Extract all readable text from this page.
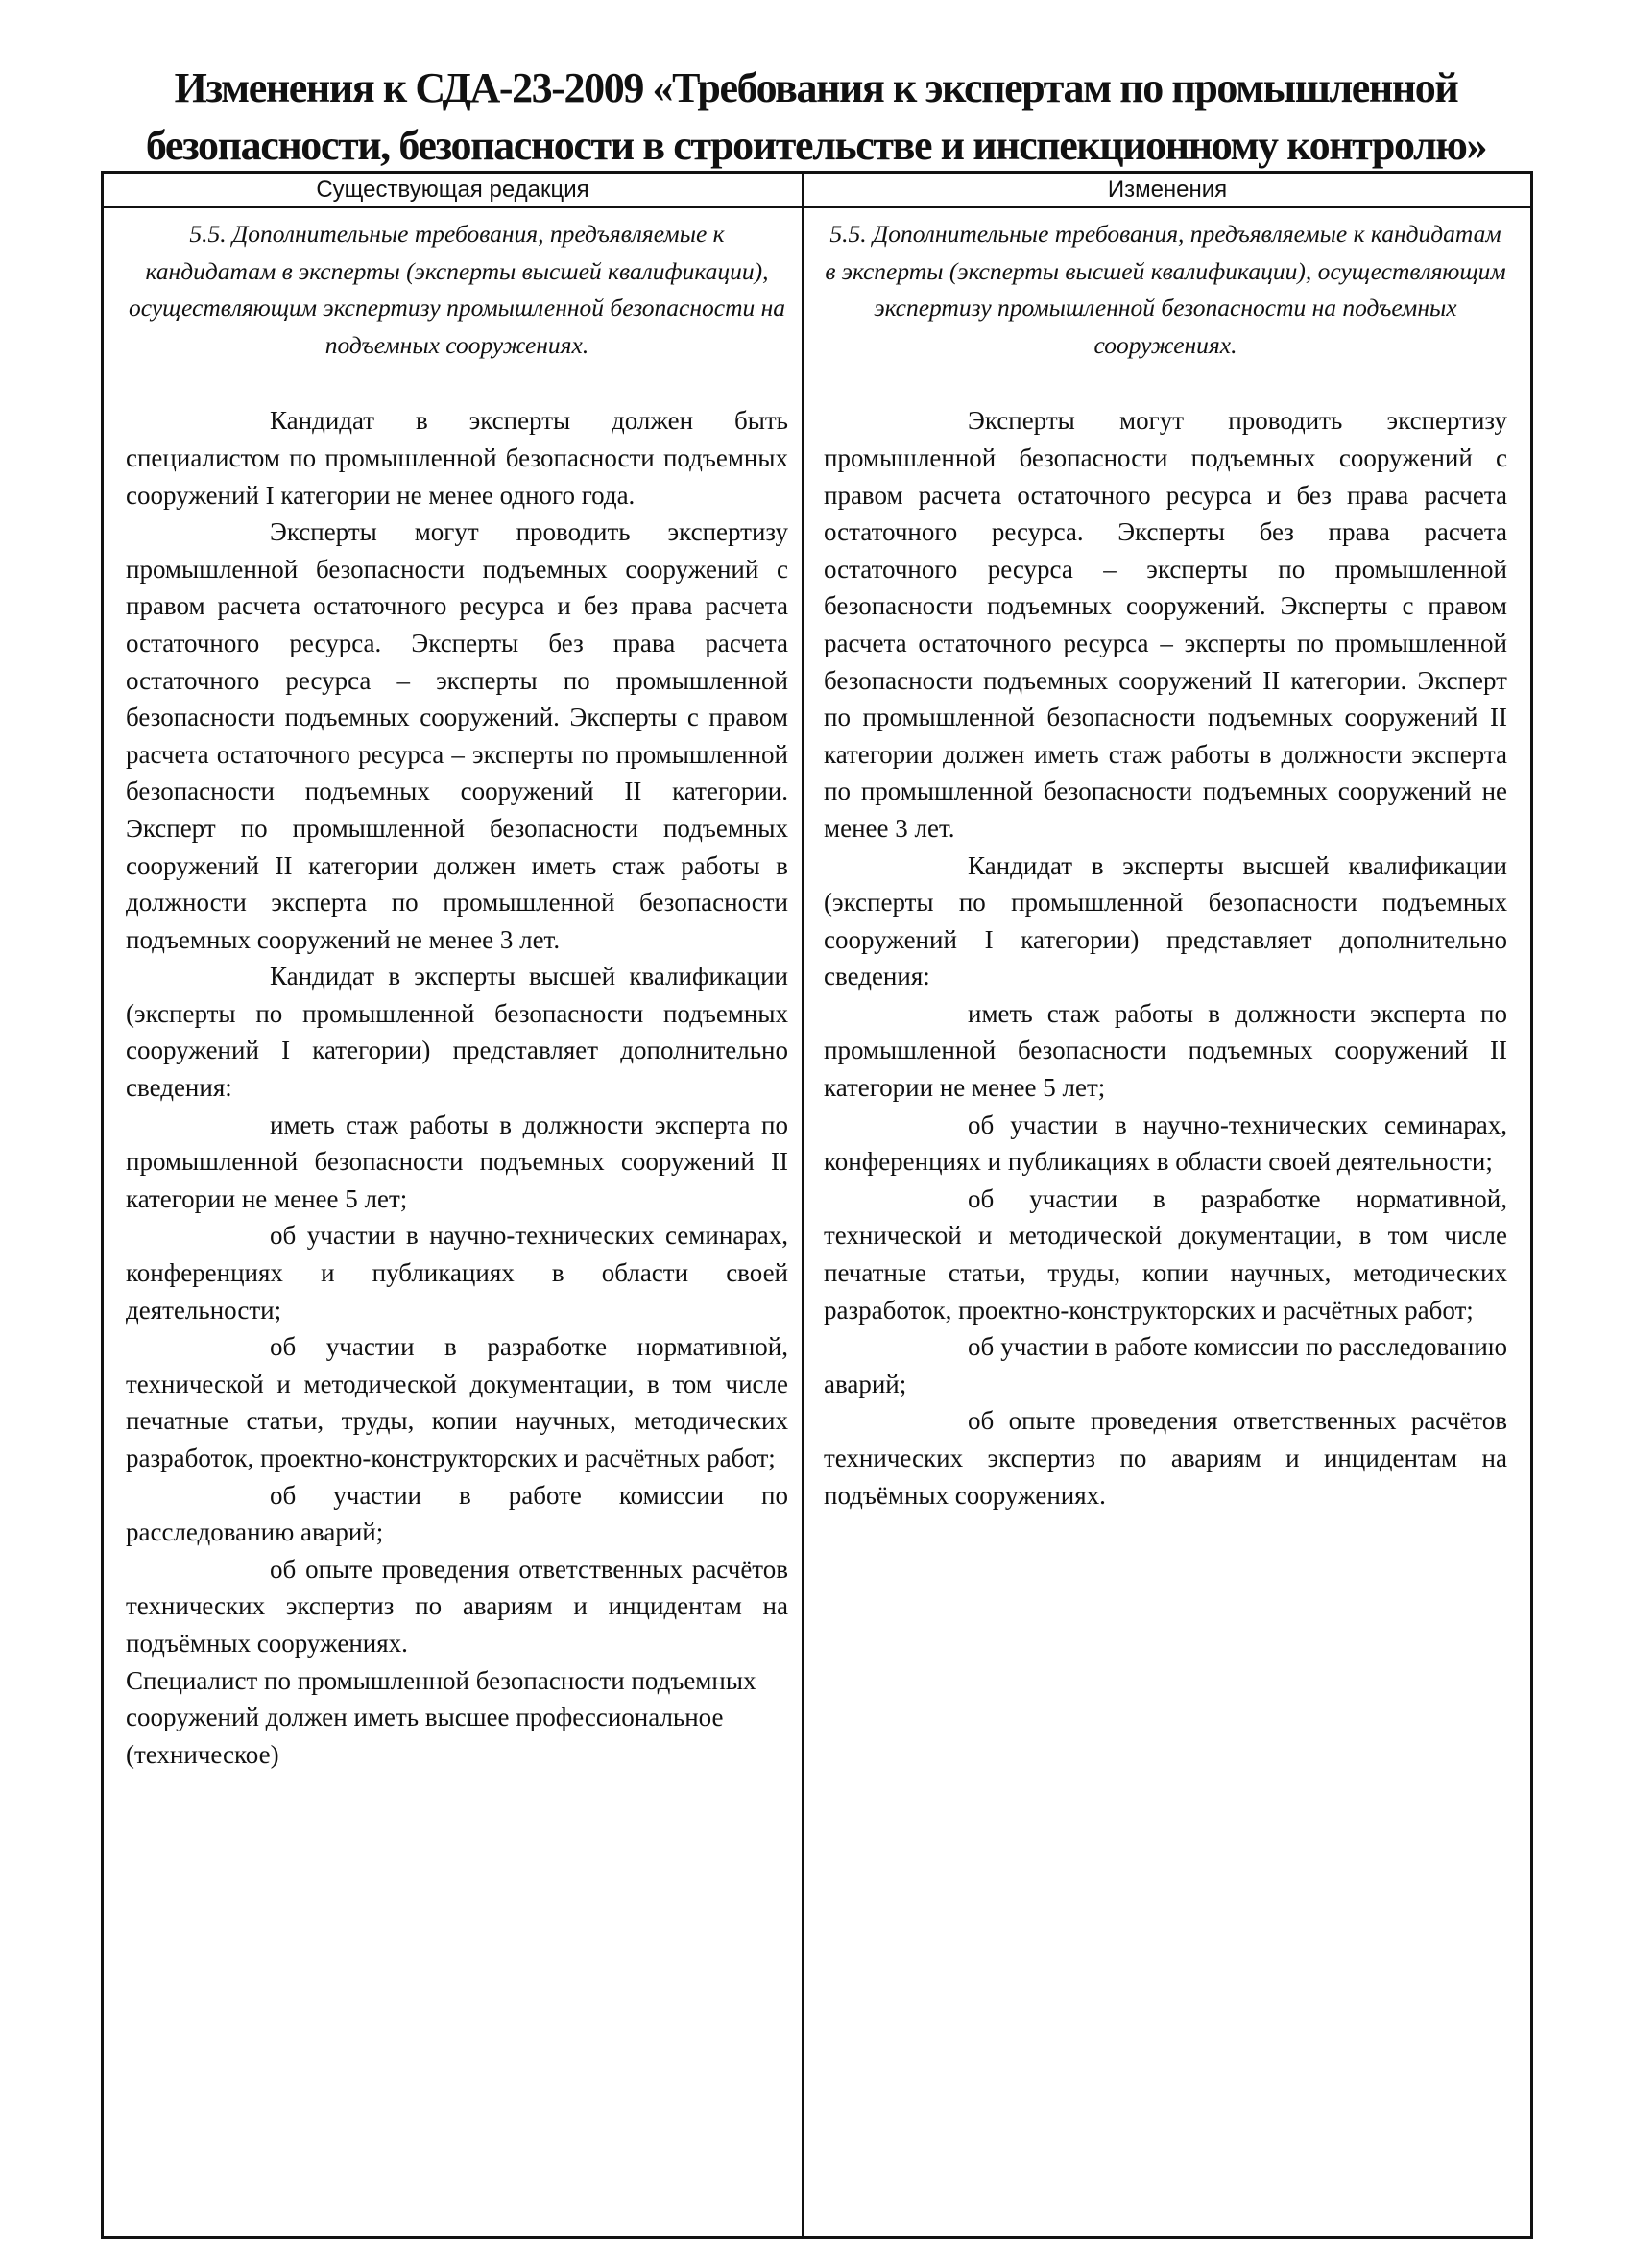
Изменения к СДА-23-2009 «Требования к экспертам по промышленной
безопасности, безопасности в строительстве и инспекционному контролю»
Существующая редакция	Изменения

5.5. Дополнительные требования, предъявляемые к кандидатам в эксперты (эксперты высшей квалификации), осуществляющим экспертизу промышленной безопасности на подъемных сооружениях.

Кандидат в эксперты должен быть специалистом по промышленной безопасности подъемных сооружений I категории не менее одного года.

Эксперты могут проводить экспертизу промышленной безопасности подъемных сооружений с правом расчета остаточного ресурса и без права расчета остаточного ресурса. Эксперты без права расчета остаточного ресурса – эксперты по промышленной безопасности подъемных сооружений. Эксперты с правом расчета остаточного ресурса – эксперты по промышленной безопасности подъемных сооружений II категории. Эксперт по промышленной безопасности подъемных сооружений II категории должен иметь стаж работы в должности эксперта по промышленной безопасности подъемных сооружений не менее 3 лет.

Кандидат в эксперты высшей квалификации (эксперты по промышленной безопасности подъемных сооружений I категории) представляет дополнительно сведения:

иметь стаж работы в должности эксперта по промышленной безопасности подъемных сооружений II категории не менее 5 лет;

об участии в научно-технических семинарах, конференциях и публикациях в области своей деятельности;

об участии в разработке нормативной, технической и методической документации, в том числе печатные статьи, труды, копии научных, методических разработок, проектно-конструкторских и расчётных работ;

об участии в работе комиссии по расследованию аварий;

об опыте проведения ответственных расчётов технических экспертиз по авариям и инцидентам на подъёмных сооружениях.

Специалист по промышленной безопасности подъемных сооружений должен иметь высшее профессиональное (техническое)

5.5. Дополнительные требования, предъявляемые к кандидатам в эксперты (эксперты высшей квалификации), осуществляющим экспертизу промышленной безопасности на подъемных сооружениях.

Эксперты могут проводить экспертизу промышленной безопасности подъемных сооружений с правом расчета остаточного ресурса и без права расчета остаточного ресурса. Эксперты без права расчета остаточного ресурса – эксперты по промышленной безопасности подъемных сооружений. Эксперты с правом расчета остаточного ресурса – эксперты по промышленной безопасности подъемных сооружений II категории. Эксперт по промышленной безопасности подъемных сооружений II категории должен иметь стаж работы в должности эксперта по промышленной безопасности подъемных сооружений не менее 3 лет.

Кандидат в эксперты высшей квалификации (эксперты по промышленной безопасности подъемных сооружений I категории) представляет дополнительно сведения:

иметь стаж работы в должности эксперта по промышленной безопасности подъемных сооружений II категории не менее 5 лет;

об участии в научно-технических семинарах, конференциях и публикациях в области своей деятельности;

об участии в разработке нормативной, технической и методической документации, в том числе печатные статьи, труды, копии научных, методических разработок, проектно-конструкторских и расчётных работ;

об участии в работе комиссии по расследованию аварий;

об опыте проведения ответственных расчётов технических экспертиз по авариям и инцидентам на подъёмных сооружениях.
